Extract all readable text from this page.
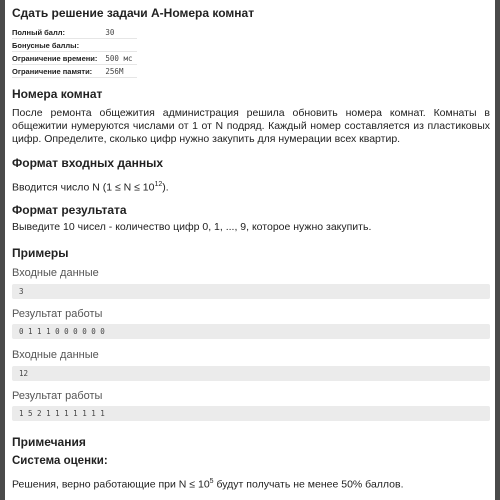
Сдать решение задачи A-Номера комнат
Полный балл:	30
Бонусные баллы:	
Ограничение времени:	500 мс
Ограничение памяти:	256M
Номера комнат
После ремонта общежития администрация решила обновить номера комнат. Комнаты в общежитии нумеруются числами от 1 от N подряд. Каждый номер составляется из пластиковых цифр. Определите, сколько цифр нужно закупить для нумерации всех квартир.
Формат входных данных
Вводится число N $(1 \le N \le 10^{12})$.
Формат результата
Выведите 10 чисел - количество цифр 0, 1, ..., 9, которое нужно закупить.
Примеры
Входные данные
3
Результат работы
0 1 1 1 0 0 0 0 0 0
Входные данные
12
Результат работы
1 5 2 1 1 1 1 1 1 1
Примечания
Система оценки:
Решения, верно работающие при $N \le 10^5$ будут получать не менее 50% баллов.
